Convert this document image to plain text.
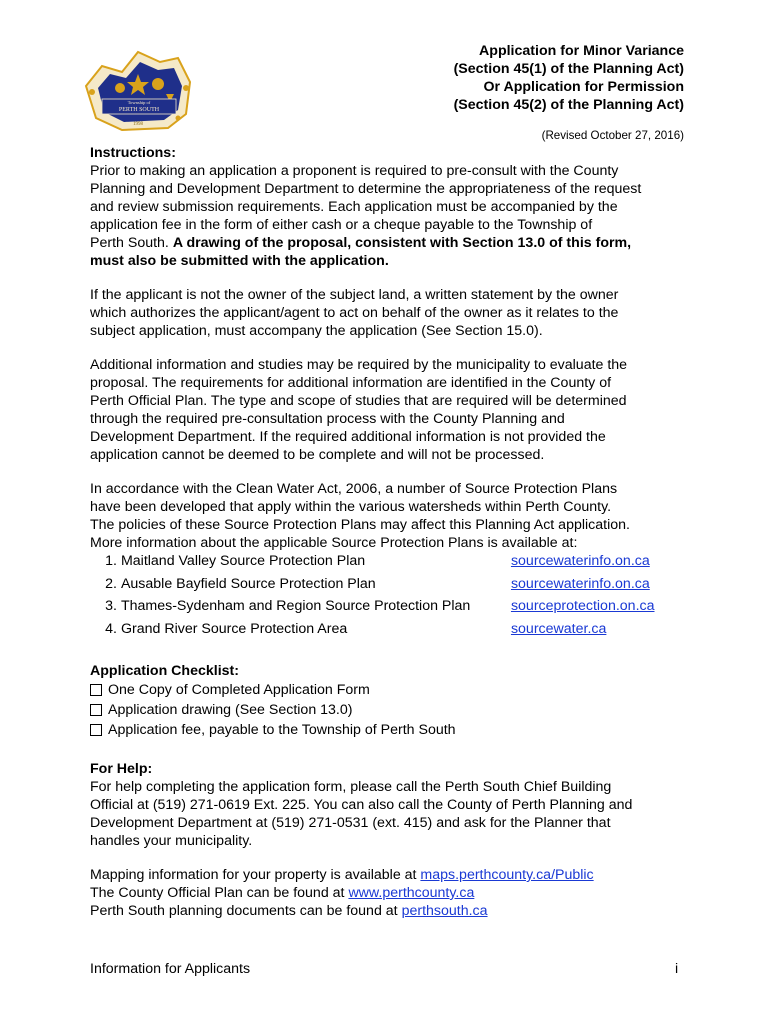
Township of
PERTH SOUTH
1998
Application for Minor Variance
(Section 45(1) of the Planning Act)
Or Application for Permission
(Section 45(2) of the Planning Act)
(Revised October 27, 2016)

Instructions:

Prior to making an application a proponent is required to pre-consult with the County
Planning and Development Department to determine the appropriateness of the request
and review submission requirements. Each application must be accompanied by the
application fee in the form of either cash or a cheque payable to the Township of
Perth South. A drawing of the proposal, consistent with Section 13.0 of this form,
must also be submitted with the application.

If the applicant is not the owner of the subject land, a written statement by the owner
which authorizes the applicant/agent to act on behalf of the owner as it relates to the
subject application, must accompany the application (See Section 15.0).

Additional information and studies may be required by the municipality to evaluate the
proposal. The requirements for additional information are identified in the County of
Perth Official Plan. The type and scope of studies that are required will be determined
through the required pre-consultation process with the County Planning and
Development Department. If the required additional information is not provided the
application cannot be deemed to be complete and will not be processed.

In accordance with the Clean Water Act, 2006, a number of Source Protection Plans
have been developed that apply within the various watersheds within Perth County.
The policies of these Source Protection Plans may affect this Planning Act application.
More information about the applicable Source Protection Plans is available at:

1.
Maitland Valley Source Protection Plan	sourcewaterinfo.on.ca
2.
Ausable Bayfield Source Protection Plan	sourcewaterinfo.on.ca
3.
Thames-Sydenham and Region Source Protection Plan	sourceprotection.on.ca
4.
Grand River Source Protection Area	sourcewater.ca

Application Checklist:

One Copy of Completed Application Form
Application drawing (See Section 13.0)
Application fee, payable to the Township of Perth South

For Help:

For help completing the application form, please call the Perth South Chief Building
Official at (519) 271-0619 Ext. 225. You can also call the County of Perth Planning and
Development Department at (519) 271-0531 (ext. 415) and ask for the Planner that
handles your municipality.

Mapping information for your property is available at maps.perthcounty.ca/Public
The County Official Plan can be found at www.perthcounty.ca
Perth South planning documents can be found at perthsouth.ca

Information for Applicants	i
